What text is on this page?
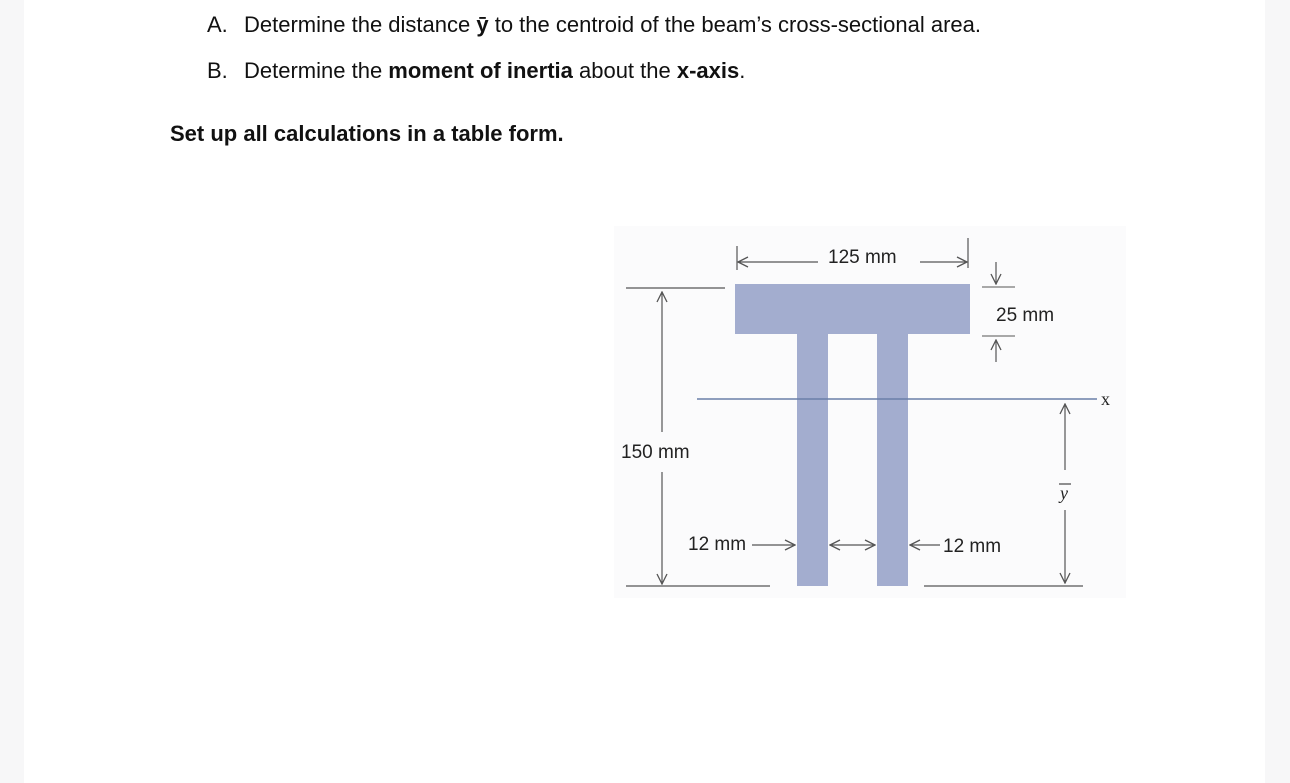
A. Determine the distance ȳ to the centroid of the beam’s cross-sectional area.
B. Determine the moment of inertia about the x-axis.
Set up all calculations in a table form.
x
125 mm
25 mm
150 mm
12 mm	12 mm
y
